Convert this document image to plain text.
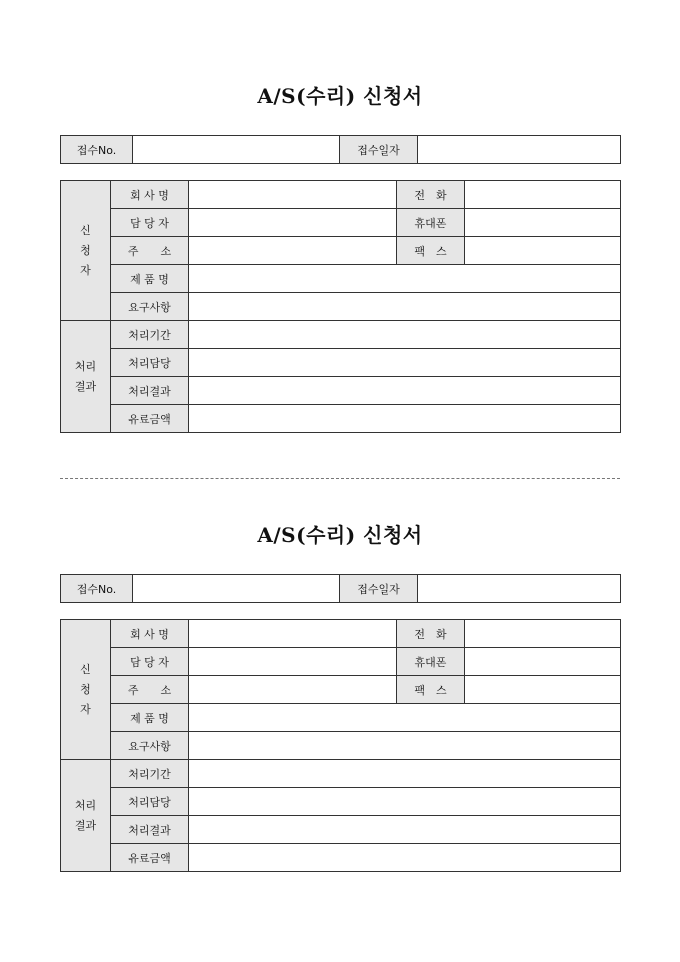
A/S(수리) 신청서
접수No.		접수일자	
신
청
자	회 사 명		전　화	
	담 당 자		휴대폰	
	주　　소		팩　스	
	제 품 명			
	요구사항			

처리
결과	처리기간			
	처리담당			
	처리결과			
	유료금액			
A/S(수리) 신청서
접수No.		접수일자	
신
청
자	회 사 명		전　화	
	담 당 자		휴대폰	
	주　　소		팩　스	
	제 품 명			
	요구사항			

처리
결과	처리기간			
	처리담당			
	처리결과			
	유료금액			
